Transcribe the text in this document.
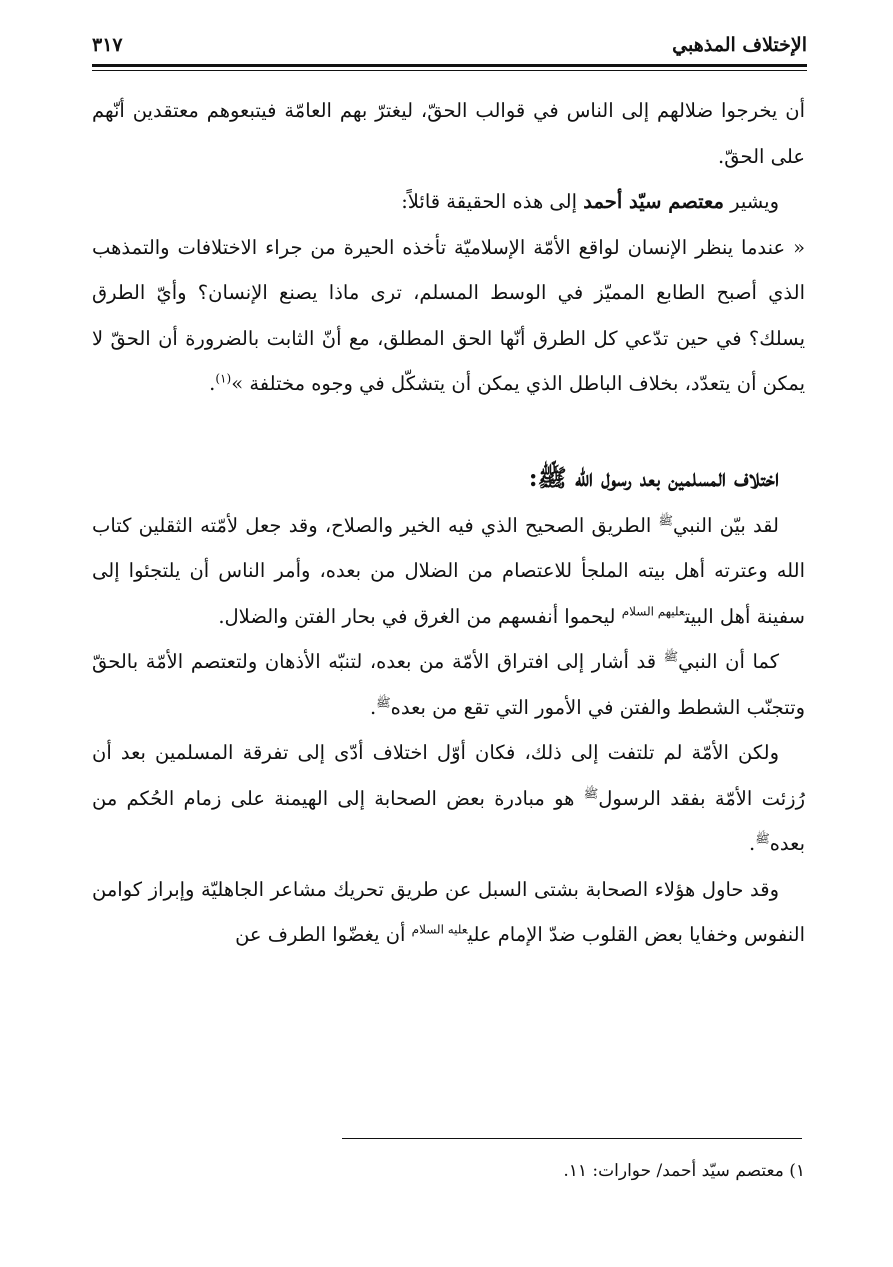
الإختلاف المذهبي
٣١٧

أن يخرجوا ضلالهم إلى الناس في قوالب الحقّ، ليغترّ بهم العامّة فيتبعوهم معتقدين أنّهم على الحقّ.

ويشير معتصم سيّد أحمد إلى هذه الحقيقة قائلاً:

« عندما ينظر الإنسان لواقع الأمّة الإسلاميّة تأخذه الحيرة من جراء الاختلافات والتمذهب الذي أصبح الطابع المميّز في الوسط المسلم، ترى ماذا يصنع الإنسان؟ وأيّ الطرق يسلك؟ في حين تدّعي كل الطرق أنّها الحق المطلق، مع أنّ الثابت بالضرورة أن الحقّ لا يمكن أن يتعدّد، بخلاف الباطل الذي يمكن أن يتشكّل في وجوه مختلفة »$^{(١)}$.

اختلاف المسلمين بعد رسول الله ﷺ:

لقد بيّن النبي$^ﷺ$ الطريق الصحيح الذي فيه الخير والصلاح، وقد جعل لأمّته الثقلين كتاب الله وعترته أهل بيته الملجأ للاعتصام من الضلال من بعده، وأمر الناس أن يلتجئوا إلى سفينة أهل البيت$^{عليهم السلام}$ ليحموا أنفسهم من الغرق في بحار الفتن والضلال.

كما أن النبي$^ﷺ$ قد أشار إلى افتراق الأمّة من بعده، لتنبّه الأذهان ولتعتصم الأمّة بالحقّ وتتجنّب الشطط والفتن في الأمور التي تقع من بعده$^ﷺ$.

ولكن الأمّة لم تلتفت إلى ذلك، فكان أوّل اختلاف أدّى إلى تفرقة المسلمين بعد أن رُزئت الأمّة بفقد الرسول$^ﷺ$ هو مبادرة بعض الصحابة إلى الهيمنة على زمام الحُكم من بعده$^ﷺ$.

وقد حاول هؤلاء الصحابة بشتى السبل عن طريق تحريك مشاعر الجاهليّة وإبراز كوامن النفوس وخفايا بعض القلوب ضدّ الإمام علي$^{عليه السلام}$ أن يغضّوا الطرف عن

١) معتصم سيّد أحمد/ حوارات: ١١.
